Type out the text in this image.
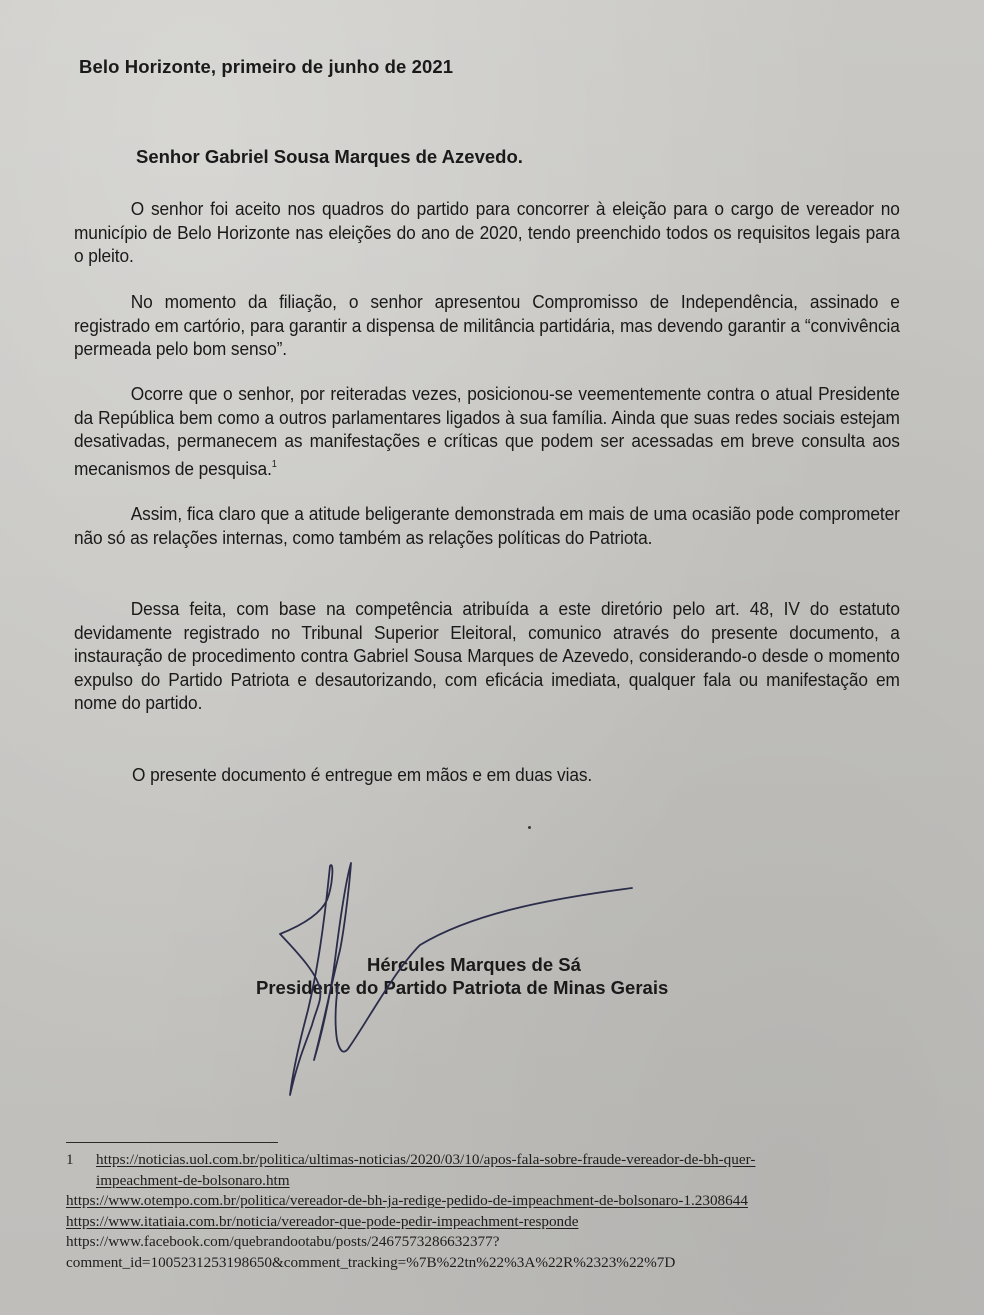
Belo Horizonte, primeiro de junho de 2021
Senhor Gabriel Sousa Marques de Azevedo.
O senhor foi aceito nos quadros do partido para concorrer à eleição para o cargo de vereador no município de Belo Horizonte nas eleições do ano de 2020, tendo preenchido todos os requisitos legais para o pleito.
No momento da filiação, o senhor apresentou Compromisso de Independência, assinado e registrado em cartório, para garantir a dispensa de militância partidária, mas devendo garantir a “convivência permeada pelo bom senso”.
Ocorre que o senhor, por reiteradas vezes, posicionou-se veementemente contra o atual Presidente da República bem como a outros parlamentares ligados à sua família. Ainda que suas redes sociais estejam desativadas, permanecem as manifestações e críticas que podem ser acessadas em breve consulta aos mecanismos de pesquisa.$^1$
Assim, fica claro que a atitude beligerante demonstrada em mais de uma ocasião pode comprometer não só as relações internas, como também as relações políticas do Patriota.
Dessa feita, com base na competência atribuída a este diretório pelo art. 48, IV do estatuto devidamente registrado no Tribunal Superior Eleitoral, comunico através do presente documento, a instauração de procedimento contra Gabriel Sousa Marques de Azevedo, considerando-o desde o momento expulso do Partido Patriota e desautorizando, com eficácia imediata, qualquer fala ou manifestação em nome do partido.
O presente documento é entregue em mãos e em duas vias.
Hércules Marques de Sá
Presidente do Partido Patriota de Minas Gerais
1 https://noticias.uol.com.br/politica/ultimas-noticias/2020/03/10/apos-fala-sobre-fraude-vereador-de-bh-quer-
impeachment-de-bolsonaro.htm
https://www.otempo.com.br/politica/vereador-de-bh-ja-redige-pedido-de-impeachment-de-bolsonaro-1.2308644
https://www.itatiaia.com.br/noticia/vereador-que-pode-pedir-impeachment-responde
https://www.facebook.com/quebrandootabu/posts/2467573286632377?
comment_id=1005231253198650&comment_tracking=%7B%22tn%22%3A%22R%2323%22%7D
